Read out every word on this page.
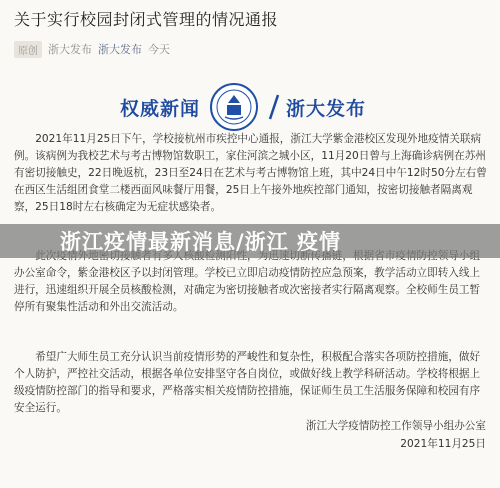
关于实行校园封闭式管理的情况通报
原创 浙大发布 浙大发布 今天
权威新闻	浙大发布

2021年11月25日下午，学校接杭州市疾控中心通报，浙江大学紫金港校区发现外地疫情关联病例。该病例为我校艺术与考古博物馆数职工，家住河滨之城小区，11月20日曾与上海确诊病例在苏州有密切接触史，22日晚返杭，23日至24日在艺术与考古博物馆上班，其中24日中午12时50分左右曾在西区生活组团食堂二楼西面风味餐厅用餐，25日上午接外地疾控部门通知，按密切接触者隔离观察，25日18时左右核确定为无症状感染者。

办公室命令，紫金港校区予以封闭管理。学校已立即启动疫情防控应急预案，教学活动立即转入线上进行，迅速组织开展全员核酸检测，对确定为密切接触者或次密接者实行隔离观察。全校师生员工暂停所有聚集性活动和外出交流活动。

希望广大师生员工充分认识当前疫情形势的严峻性和复杂性，积极配合落实各项防控措施，做好个人防护，严控社交活动，根据各单位安排坚守各自岗位，或做好线上教学科研活动。学校将根据上级疫情防控部门的指导和要求，严格落实相关疫情防控措施，保证师生员工生活服务保障和校园有序安全运行。

浙江大学疫情防控工作领导小组办公室
2021年11月25日
浙江疫情最新消息/浙江 疫情
